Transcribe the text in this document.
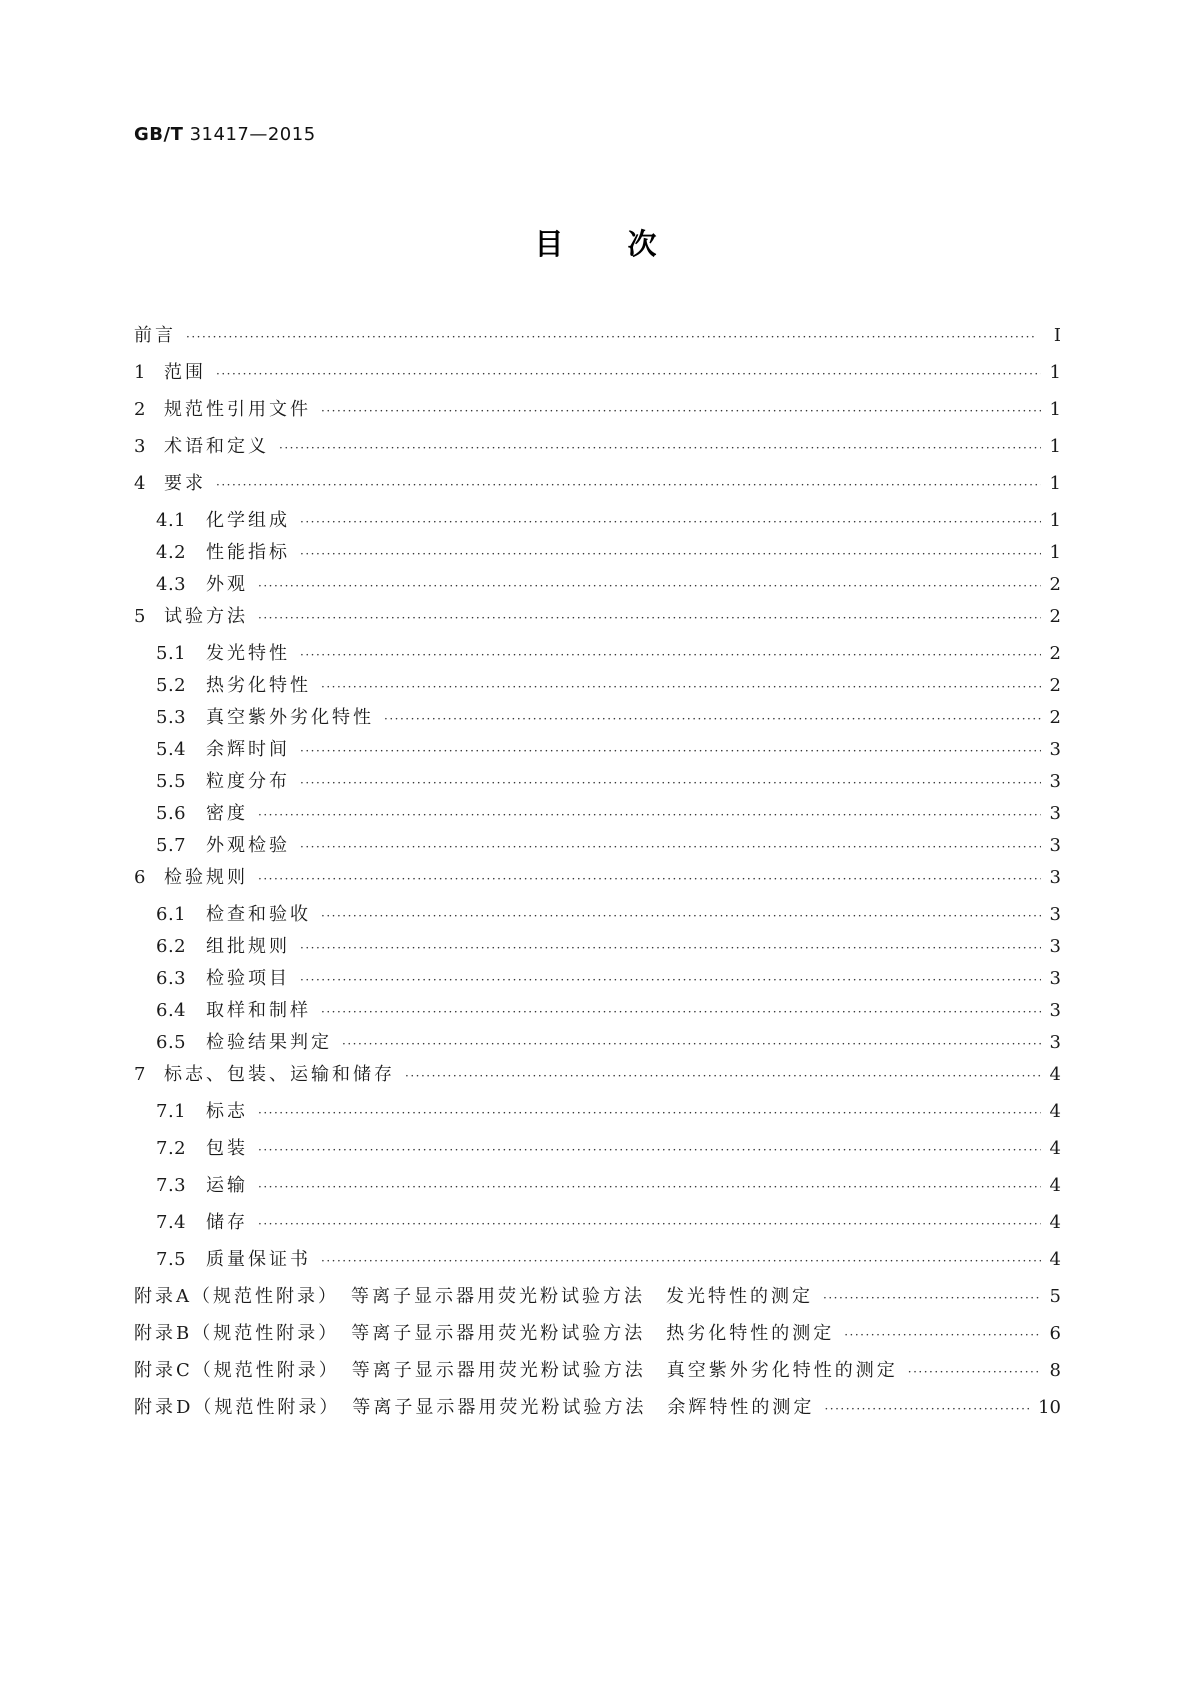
GB/T 31417—2015
目次
前言 ·····	Ⅰ
1 范围 ·····	1
2 规范性引用文件 ·····	1
3 术语和定义 ·····	1
4 要求 ·····	1
4.1	化学组成 ·····	1
4.2	性能指标 ·····	1
4.3	外观 ·····	2
5 试验方法 ·····	2
5.1	发光特性 ·····	2
5.2	热劣化特性 ·····	2
5.3	真空紫外劣化特性 ·····	2
5.4	余辉时间 ·····	3
5.5	粒度分布 ·····	3
5.6	密度 ·····	3
5.7	外观检验 ·····	3
6 检验规则 ·····	3
6.1	检查和验收 ·····	3
6.2	组批规则 ·····	3
6.3	检验项目 ·····	3
6.4	取样和制样 ·····	3
6.5	检验结果判定 ·····	3
7 标志、包装、运输和储存 ·····	4
7.1	标志 ·····	4
7.2	包装 ·····	4
7.3	运输 ·····	4
7.4	储存 ·····	4
7.5	质量保证书 ·····	4
附录A（规范性附录）　等离子显示器用荧光粉试验方法　发光特性的测定 ·····	5
附录B（规范性附录）　等离子显示器用荧光粉试验方法　热劣化特性的测定 ·····	6
附录C（规范性附录）　等离子显示器用荧光粉试验方法　真空紫外劣化特性的测定 ·····	8
附录D（规范性附录）　等离子显示器用荧光粉试验方法　余辉特性的测定 ·····	10
